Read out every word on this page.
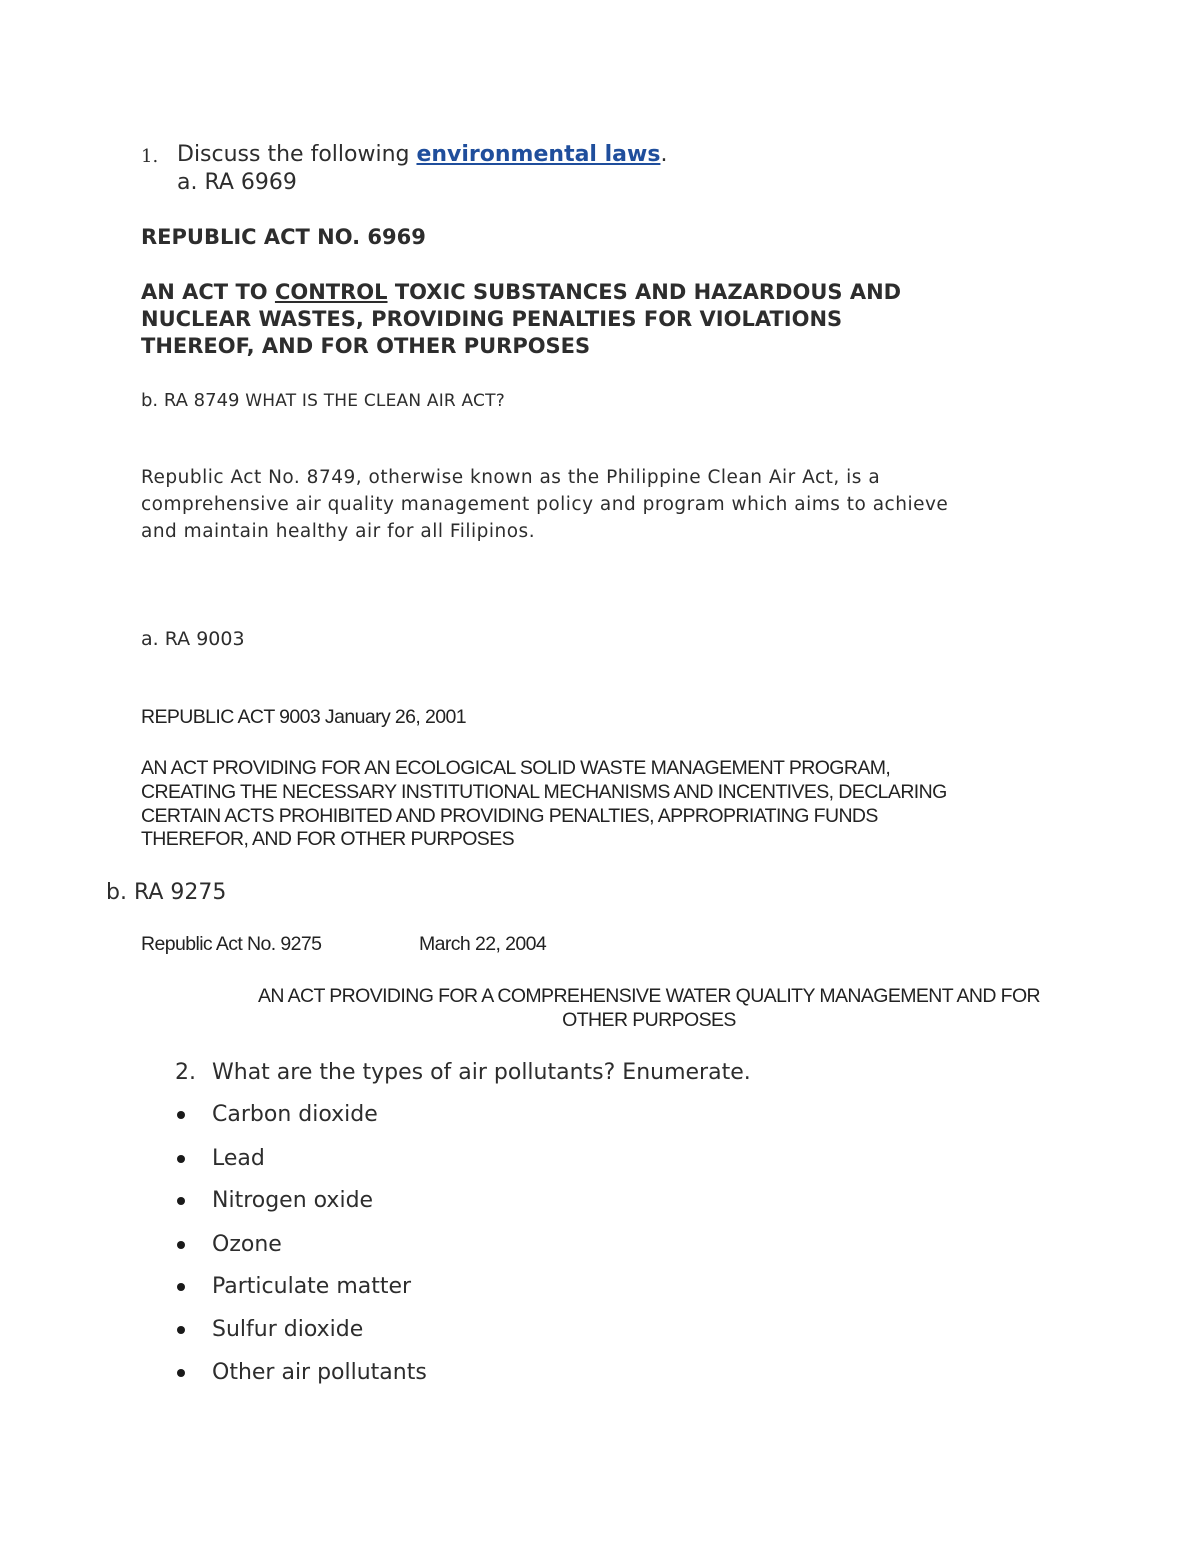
1. Discuss the following environmental laws.
a. RA 6969
REPUBLIC ACT NO. 6969
AN ACT TO CONTROL TOXIC SUBSTANCES AND HAZARDOUS AND
NUCLEAR WASTES, PROVIDING PENALTIES FOR VIOLATIONS
THEREOF, AND FOR OTHER PURPOSES
b. RA 8749 WHAT IS THE CLEAN AIR ACT?
Republic Act No. 8749, otherwise known as the Philippine Clean Air Act, is a
comprehensive air quality management policy and program which aims to achieve
and maintain healthy air for all Filipinos.
a. RA 9003
REPUBLIC ACT 9003 January 26, 2001
AN ACT PROVIDING FOR AN ECOLOGICAL SOLID WASTE MANAGEMENT PROGRAM,
CREATING THE NECESSARY INSTITUTIONAL MECHANISMS AND INCENTIVES, DECLARING
CERTAIN ACTS PROHIBITED AND PROVIDING PENALTIES, APPROPRIATING FUNDS
THEREFOR, AND FOR OTHER PURPOSES
b. RA 9275
Republic Act No. 9275	March 22, 2004
AN ACT PROVIDING FOR A COMPREHENSIVE WATER QUALITY MANAGEMENT AND FOR
OTHER PURPOSES
2. What are the types of air pollutants? Enumerate.
Carbon dioxide
Lead
Nitrogen oxide
Ozone
Particulate matter
Sulfur dioxide
Other air pollutants
